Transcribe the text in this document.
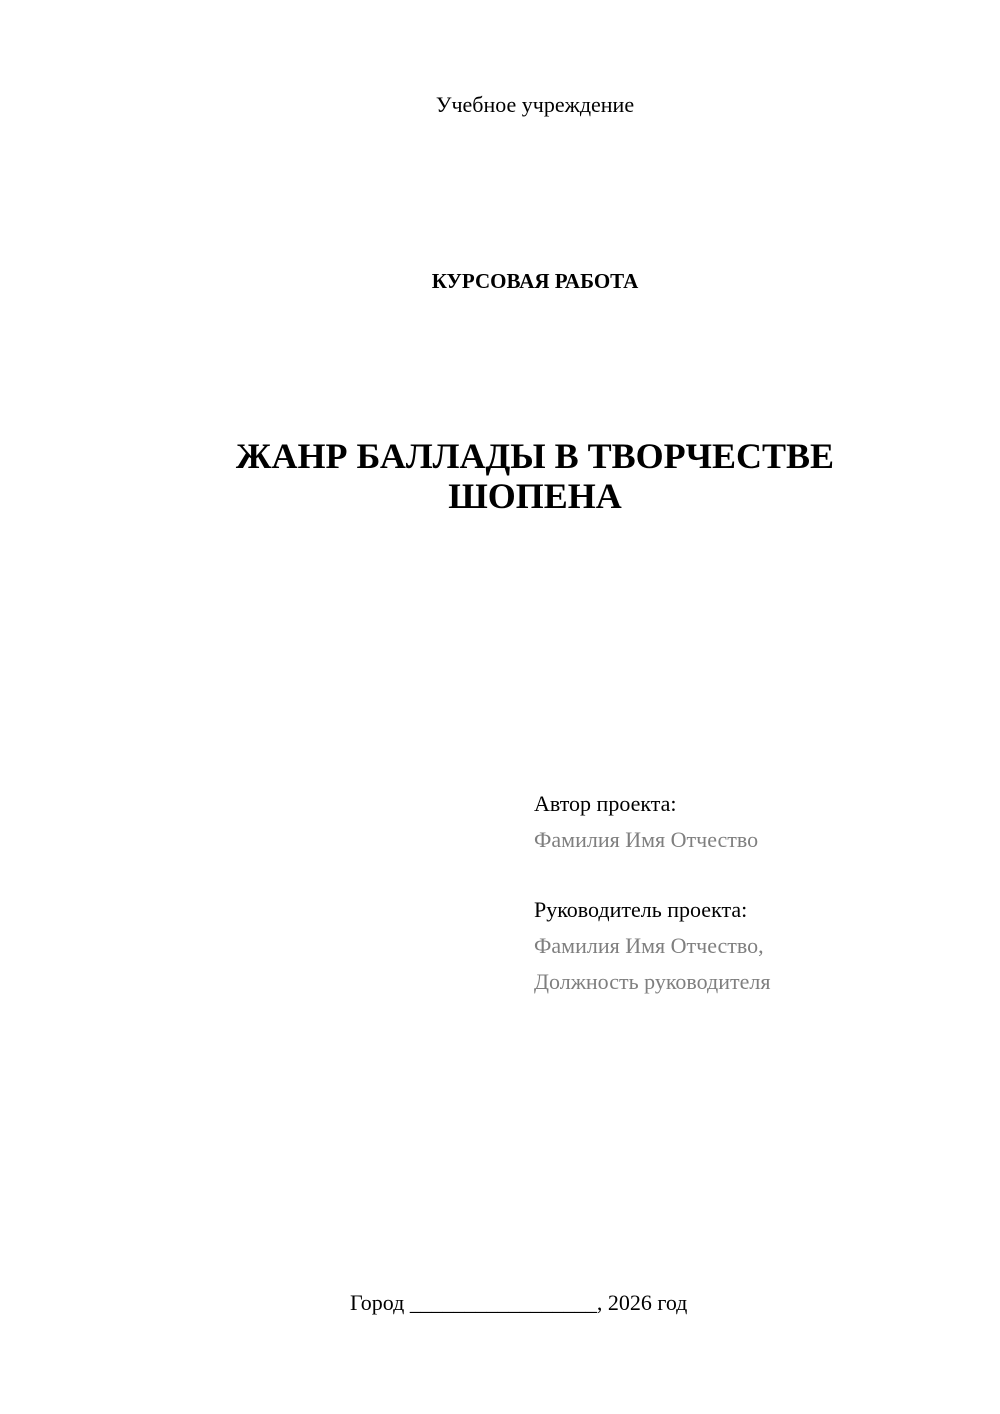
Учебное учреждение
КУРСОВАЯ РАБОТА
ЖАНР БАЛЛАДЫ В ТВОРЧЕСТВЕ
ШОПЕНА
Автор проекта:
Фамилия Имя Отчество
Руководитель проекта:
Фамилия Имя Отчество,
Должность руководителя
Город _________________, 2026 год
